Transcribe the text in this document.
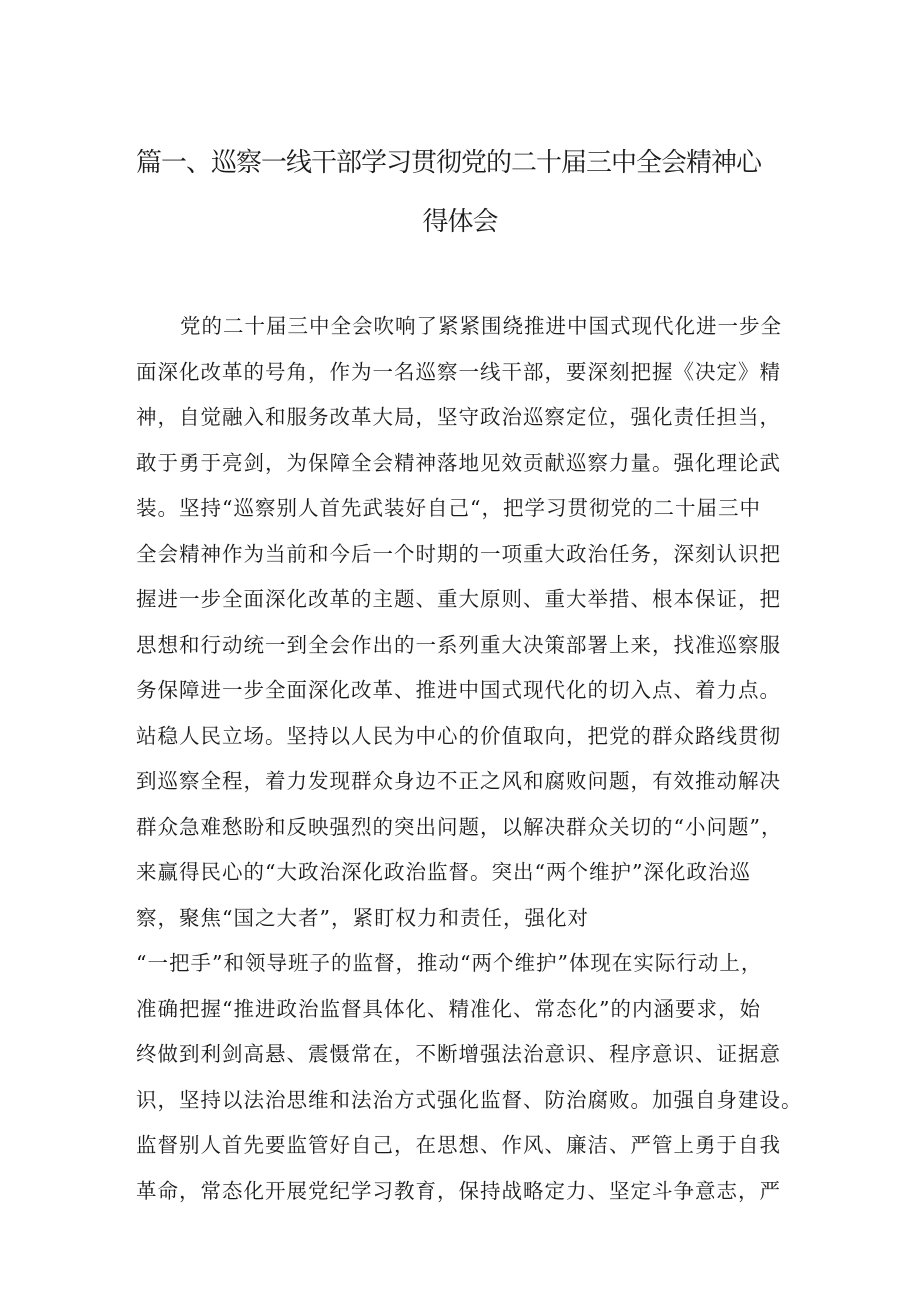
篇一、巡察一线干部学习贯彻党的二十届三中全会精神心
得体会
党的二十届三中全会吹响了紧紧围绕推进中国式现代化进一步全
面深化改革的号角，作为一名巡察一线干部，要深刻把握《决定》精
神，自觉融入和服务改革大局，坚守政治巡察定位，强化责任担当，
敢于勇于亮剑，为保障全会精神落地见效贡献巡察力量。强化理论武
装。坚持“巡察别人首先武装好自己“，把学习贯彻党的二十届三中
全会精神作为当前和今后一个时期的一项重大政治任务，深刻认识把
握进一步全面深化改革的主题、重大原则、重大举措、根本保证，把
思想和行动统一到全会作出的一系列重大决策部署上来，找准巡察服
务保障进一步全面深化改革、推进中国式现代化的切入点、着力点。
站稳人民立场。坚持以人民为中心的价值取向，把党的群众路线贯彻
到巡察全程，着力发现群众身边不正之风和腐败问题，有效推动解决
群众急难愁盼和反映强烈的突出问题，以解决群众关切的“小问题”，
来赢得民心的“大政治深化政治监督。突出“两个维护”深化政治巡
察，聚焦“国之大者”，紧盯权力和责任，强化对
“一把手”和领导班子的监督，推动“两个维护”体现在实际行动上，
准确把握“推进政治监督具体化、精准化、常态化”的内涵要求，始
终做到利剑高悬、震慑常在，不断增强法治意识、程序意识、证据意
识，坚持以法治思维和法治方式强化监督、防治腐败。加强自身建设。
监督别人首先要监管好自己，在思想、作风、廉洁、严管上勇于自我
革命，常态化开展党纪学习教育，保持战略定力、坚定斗争意志，严
